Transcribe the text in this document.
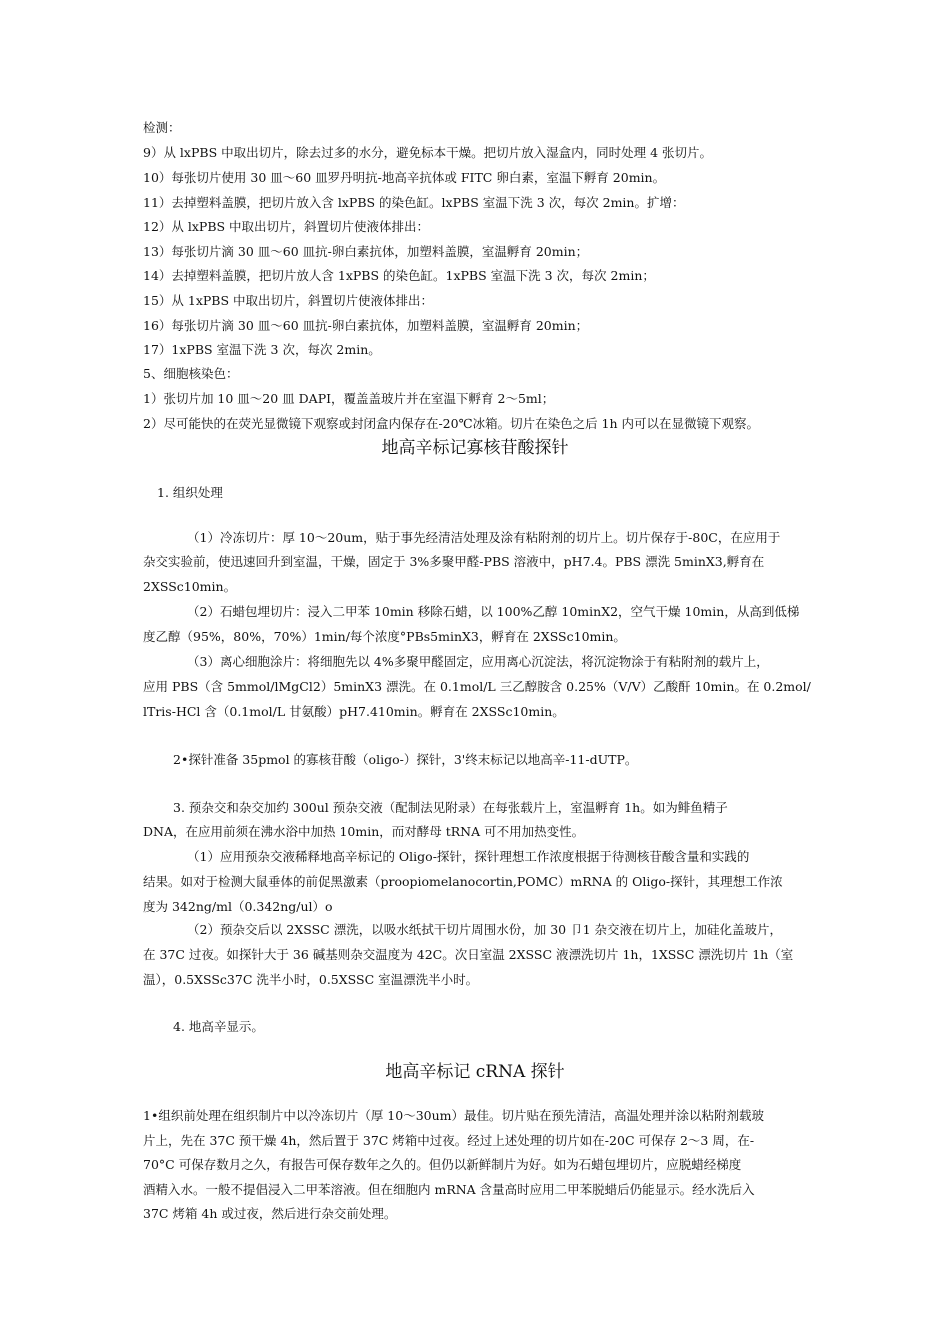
检测：
9）从 lxPBS 中取出切片，除去过多的水分，避免标本干燥。把切片放入湿盒内，同时处理 4 张切片。
10）每张切片使用 30 皿～60 皿罗丹明抗-地高辛抗体或 FITC 卵白素，室温下孵育 20min。
11）去掉塑料盖膜，把切片放入含 lxPBS 的染色缸。lxPBS 室温下洗 3 次，每次 2min。扩增：
12）从 lxPBS 中取出切片，斜置切片使液体排出：
13）每张切片滴 30 皿～60 皿抗-卵白素抗体，加塑料盖膜，室温孵育 20min；
14）去掉塑料盖膜，把切片放人含 1xPBS 的染色缸。1xPBS 室温下洗 3 次，每次 2min；
15）从 1xPBS 中取出切片，斜置切片使液体排出：
16）每张切片滴 30 皿～60 皿抗-卵白素抗体，加塑料盖膜，室温孵育 20min；
17）1xPBS 室温下洗 3 次，每次 2min。
5、细胞核染色：
1）张切片加 10 皿～20 皿 DAPI，覆盖盖玻片并在室温下孵育 2～5ml；
2）尽可能快的在荧光显微镜下观察或封闭盒内保存在-20℃冰箱。切片在染色之后 1h 内可以在显微镜下观察。
地高辛标记寡核苷酸探针
1. 组织处理
（1）冷冻切片：厚 10～20um，贴于事先经清洁处理及涂有粘附剂的切片上。切片保存于-80C，在应用于
杂交实验前，使迅速回升到室温，干燥，固定于 3%多聚甲醛-PBS 溶液中，pH7.4。PBS 漂洗 5minX3,孵育在
2XSSc10min。
（2）石蜡包埋切片：浸入二甲苯 10min 移除石蜡，以 100%乙醇 10minX2，空气干燥 10min，从高到低梯
度乙醇（95%，80%，70%）1min/每个浓度°PBs5minX3，孵育在 2XSSc10min。
（3）离心细胞涂片：将细胞先以 4%多聚甲醛固定，应用离心沉淀法，将沉淀物涂于有粘附剂的载片上，
应用 PBS（含 5mmol/lMgCl2）5minX3 漂洗。在 0.1mol/L 三乙醇胺含 0.25%（V/V）乙酸酐 10min。在 0.2mol/
lTris-HCl 含（0.1mol/L 甘氨酸）pH7.410min。孵育在 2XSSc10min。
2•探针准备 35pmol 的寡核苷酸（oligo-）探针，3'终末标记以地高辛-11-dUTP。
3. 预杂交和杂交加约 300ul 预杂交液（配制法见附录）在每张载片上，室温孵育 1h。如为鲱鱼精子
DNA，在应用前须在沸水浴中加热 10min，而对酵母 tRNA 可不用加热变性。
（1）应用预杂交液稀释地高辛标记的 Oligo-探针，探针理想工作浓度根据于待测核苷酸含量和实践的
结果。如对于检测大鼠垂体的前促黑激素（proopiomelanocortin,POMC）mRNA 的 Oligo-探针，其理想工作浓
度为 342ng/ml（0.342ng/ul）o
（2）预杂交后以 2XSSC 漂洗，以吸水纸拭干切片周围水份，加 30 卩1 杂交液在切片上，加硅化盖玻片，
在 37C 过夜。如探针大于 36 碱基则杂交温度为 42C。次日室温 2XSSC 液漂洗切片 1h，1XSSC 漂洗切片 1h（室
温），0.5XSSc37C 洗半小时，0.5XSSC 室温漂洗半小时。
4. 地高辛显示。
地高辛标记 cRNA 探针
1•组织前处理在组织制片中以冷冻切片（厚 10～30um）最佳。切片贴在预先清洁，高温处理并涂以粘附剂载玻
片上，先在 37C 预干燥 4h，然后置于 37C 烤箱中过夜。经过上述处理的切片如在-20C 可保存 2～3 周，在-
70°C 可保存数月之久，有报告可保存数年之久的。但仍以新鲜制片为好。如为石蜡包埋切片，应脱蜡经梯度
酒精入水。一般不提倡浸入二甲苯溶液。但在细胞内 mRNA 含量高时应用二甲苯脱蜡后仍能显示。经水洗后入
37C 烤箱 4h 或过夜，然后进行杂交前处理。
